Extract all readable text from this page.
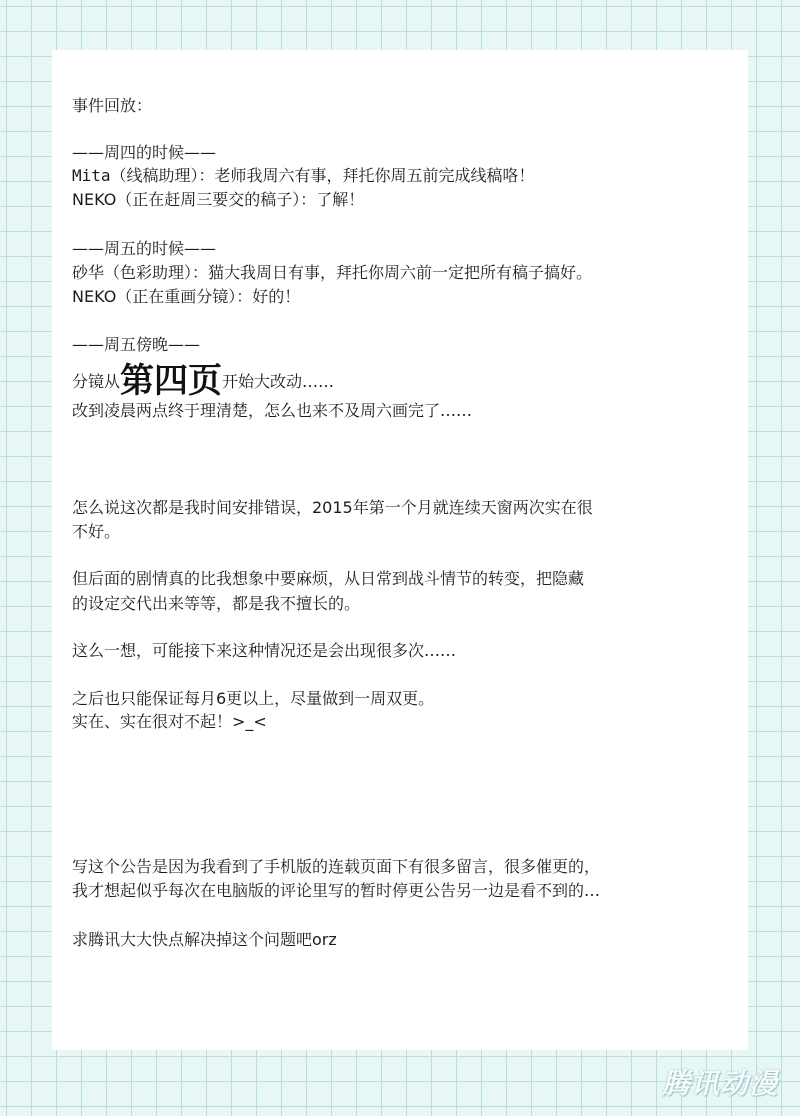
事件回放：

——周四的时候——

Mita（线稿助理）：老师我周六有事，拜托你周五前完成线稿咯！

NEKO（正在赶周三要交的稿子）：了解！

——周五的时候——

砂华（色彩助理）：猫大我周日有事，拜托你周六前一定把所有稿子搞好。

NEKO（正在重画分镜）：好的！

——周五傍晚——

分镜从第四页开始大改动……

改到凌晨两点终于理清楚，怎么也来不及周六画完了……

怎么说这次都是我时间安排错误，2015年第一个月就连续天窗两次实在很

不好。

但后面的剧情真的比我想象中要麻烦，从日常到战斗情节的转变，把隐藏

的设定交代出来等等，都是我不擅长的。

这么一想，可能接下来这种情况还是会出现很多次……

之后也只能保证每月6更以上，尽量做到一周双更。

实在、实在很对不起！>_<

写这个公告是因为我看到了手机版的连载页面下有很多留言，很多催更的，

我才想起似乎每次在电脑版的评论里写的暂时停更公告另一边是看不到的…

求腾讯大大快点解决掉这个问题吧orz

腾讯动漫
